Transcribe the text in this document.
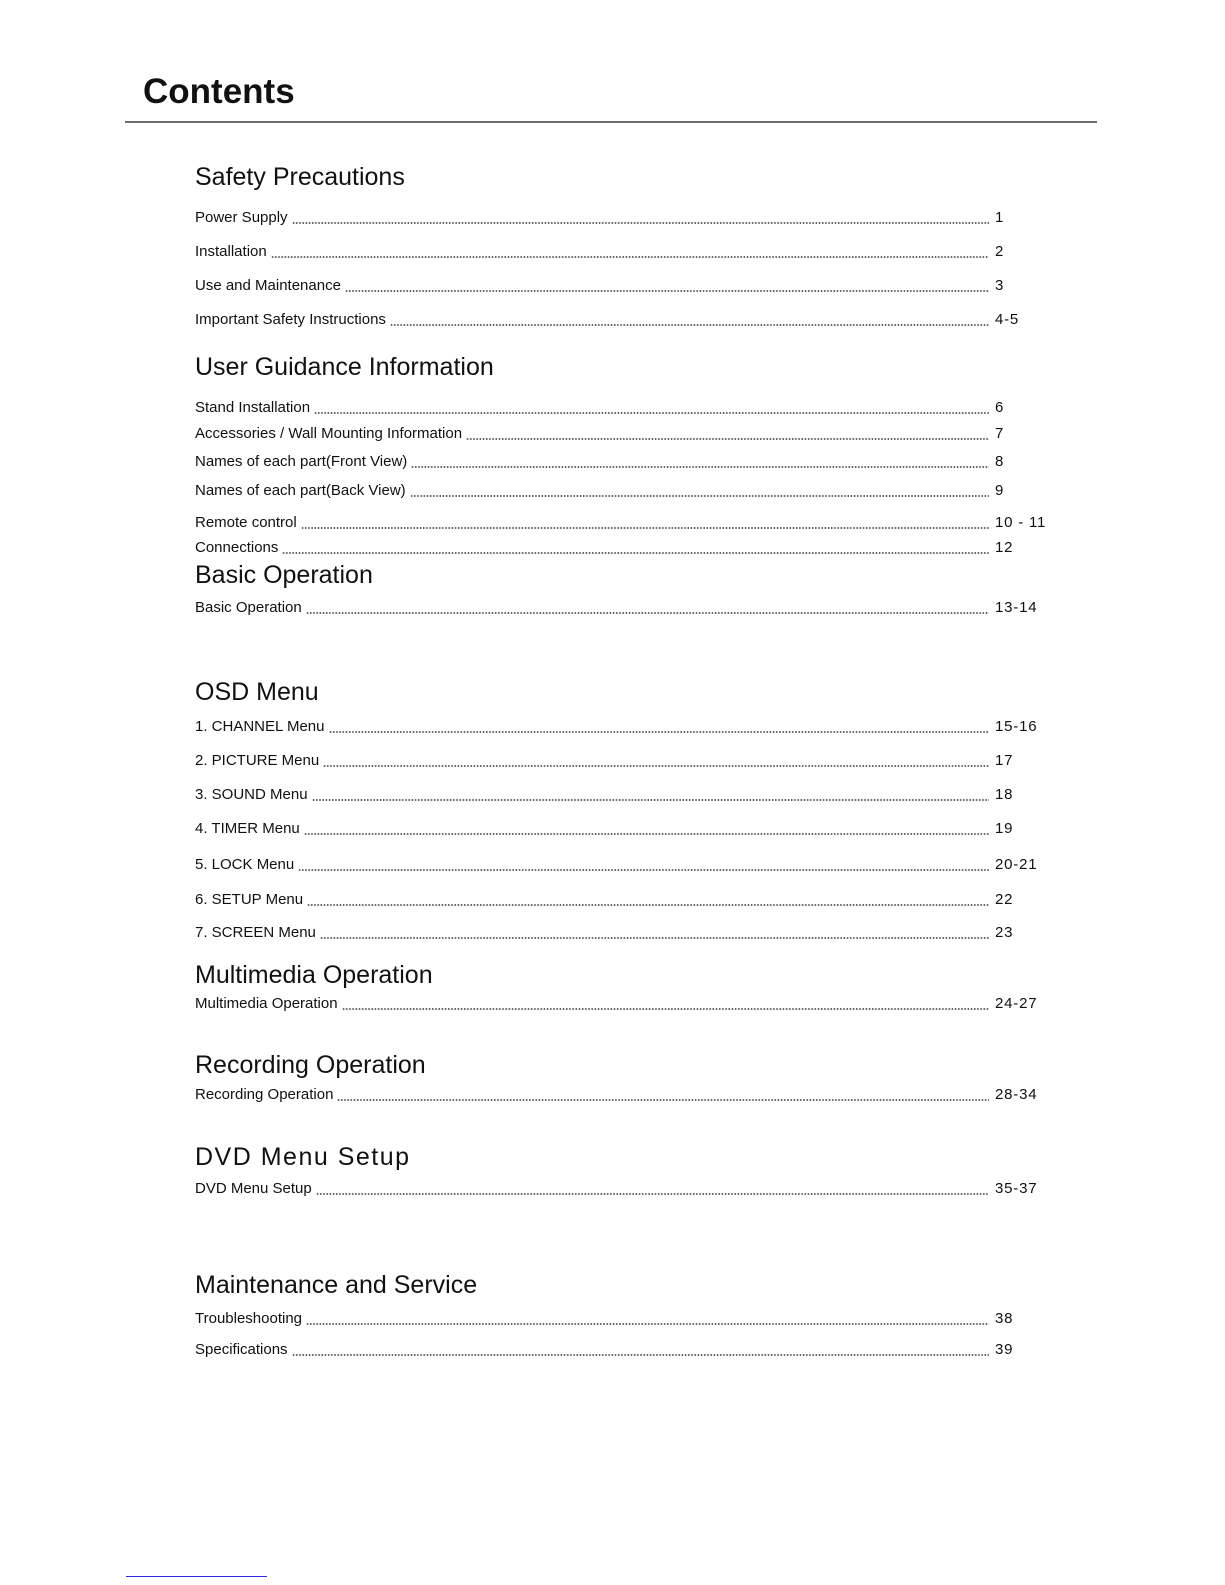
Contents
Safety Precautions
Power Supply	1
Installation	2
Use and Maintenance	3
Important Safety Instructions	4-5
User Guidance Information
Stand Installation	6
Accessories / Wall Mounting Information	7
Names of each part(Front View)	8
Names of each part(Back View)	9
Remote control	10 - 11
Connections	12
Basic Operation
Basic Operation	13-14
OSD Menu
1. CHANNEL Menu	15-16
2. PICTURE Menu	17
3. SOUND Menu	18
4. TIMER Menu	19
5. LOCK Menu	20-21
6. SETUP Menu	22
7. SCREEN Menu	23
Multimedia Operation
Multimedia Operation	24-27
Recording Operation
Recording Operation	28-34
DVD Menu Setup
DVD Menu Setup	35-37
Maintenance and Service
Troubleshooting	38
Specifications	39
